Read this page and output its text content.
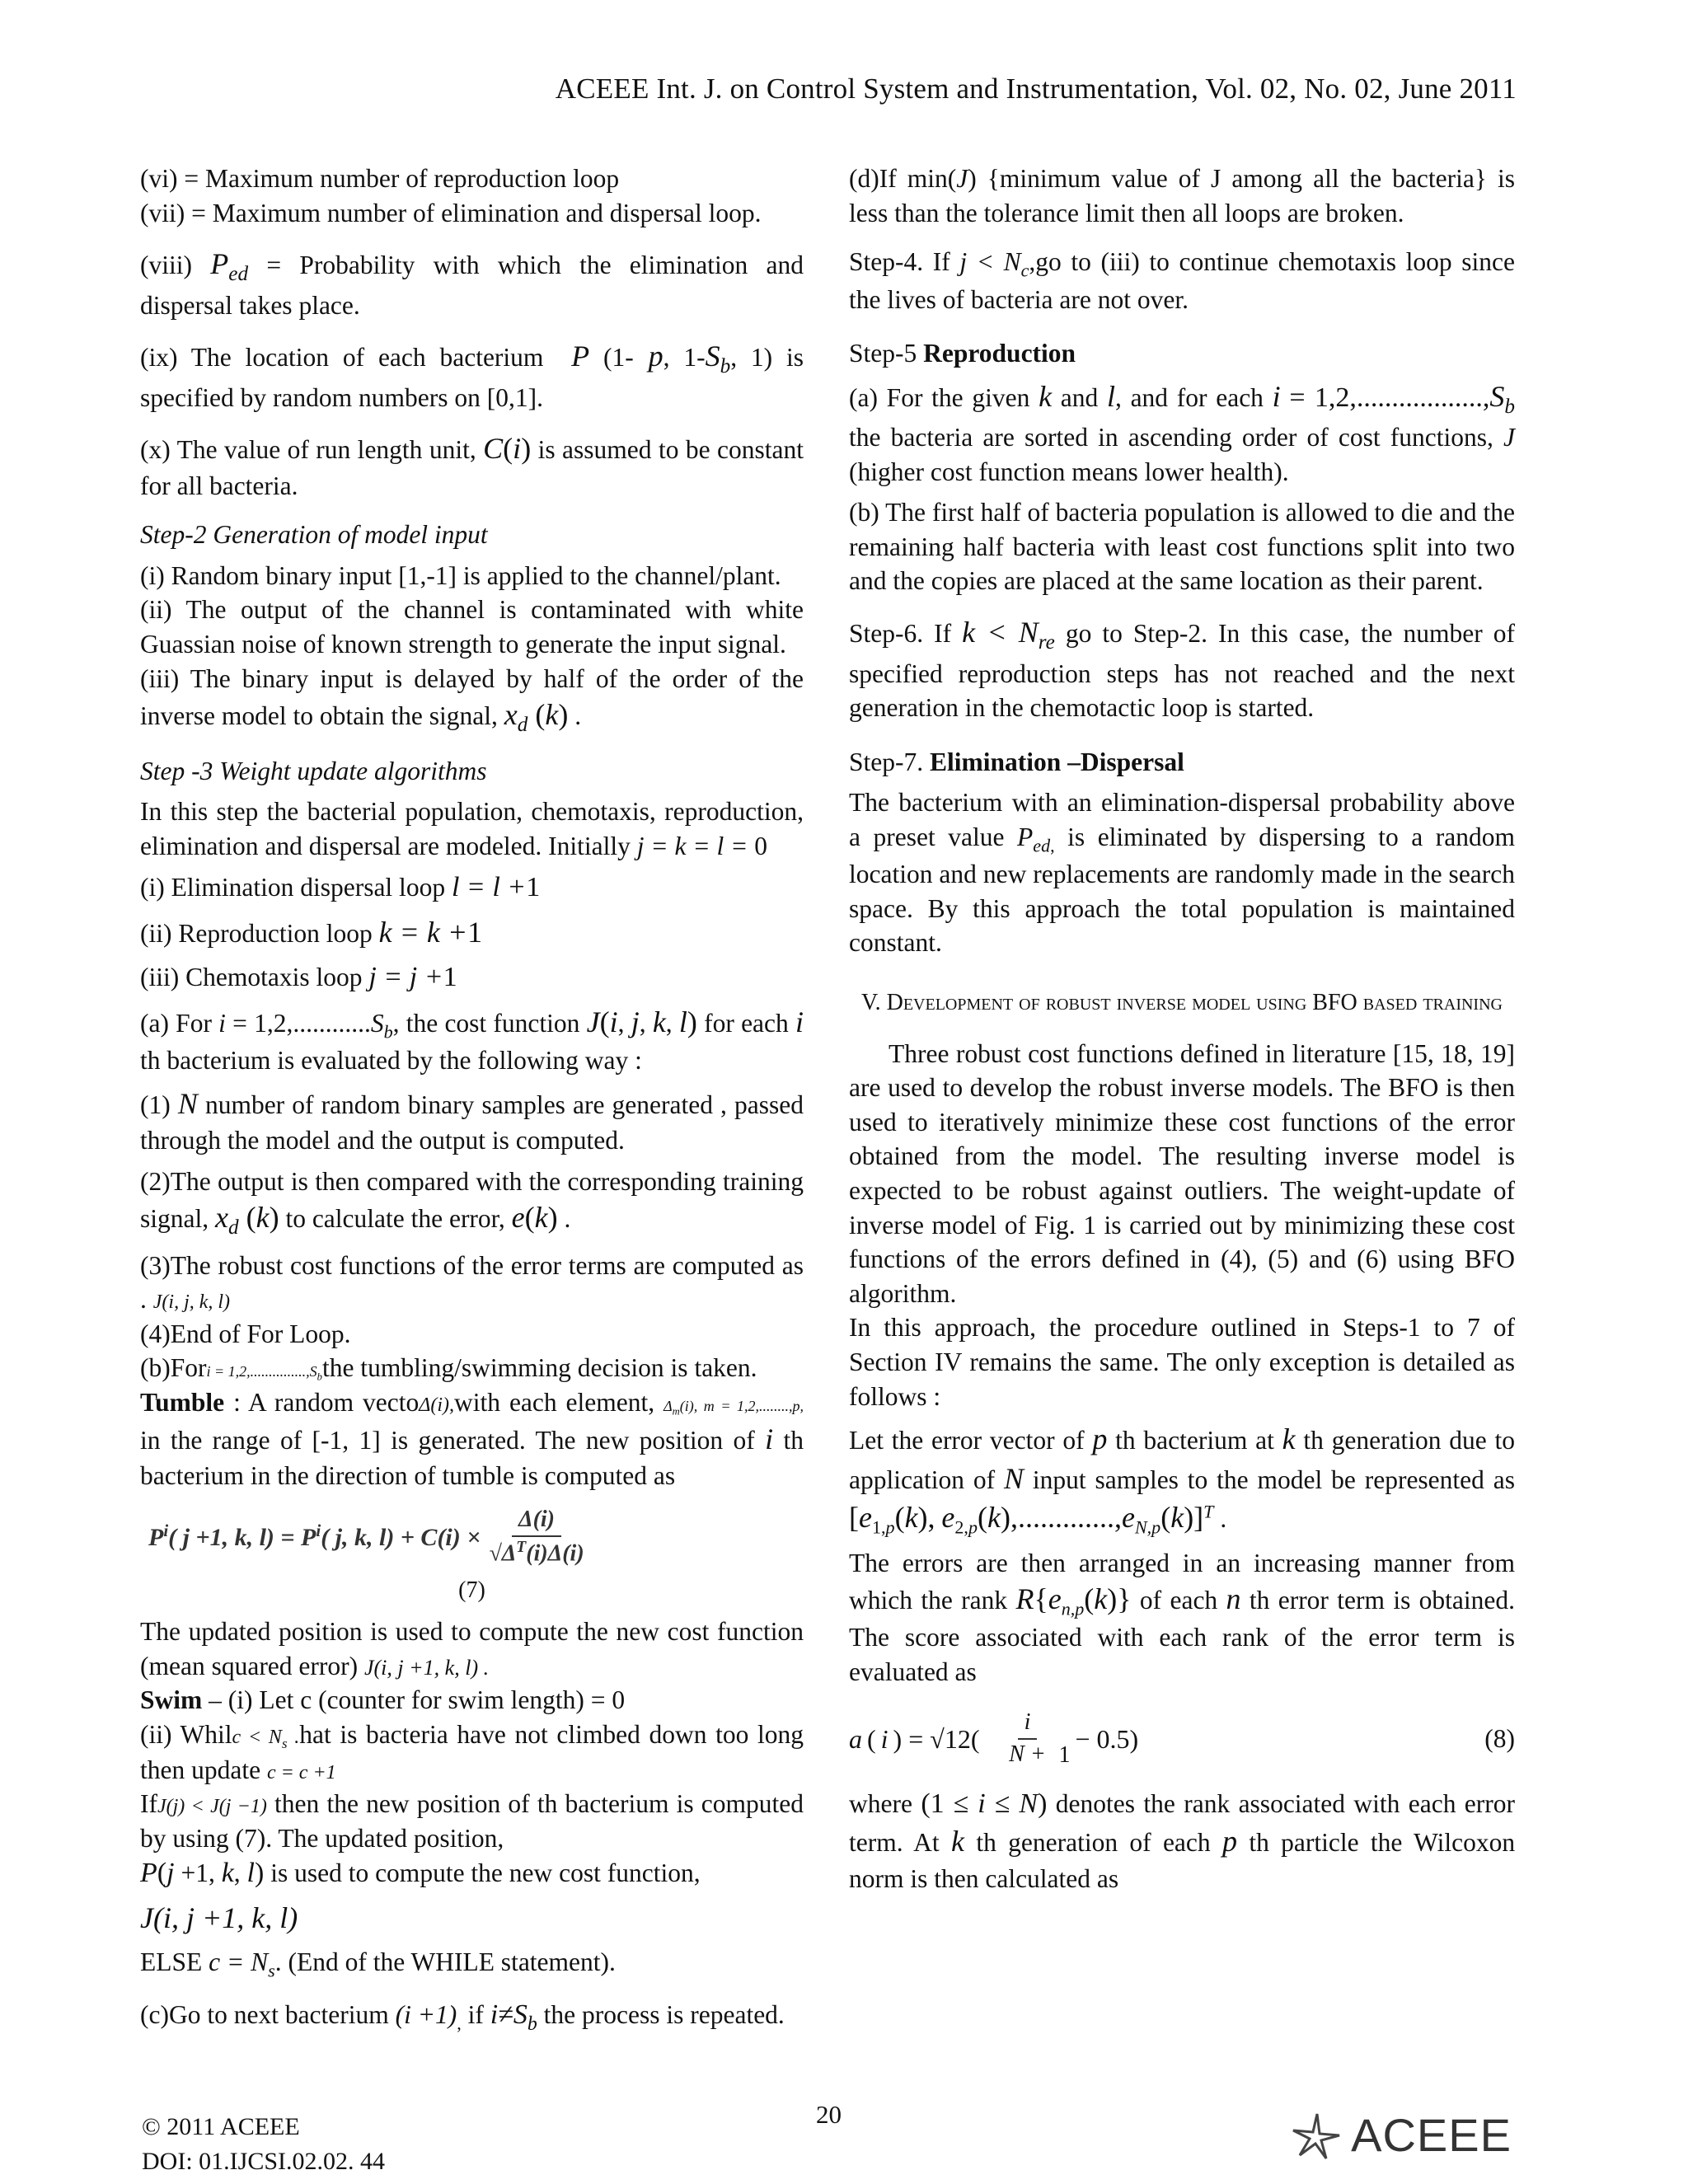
ACEEE Int. J. on Control System and Instrumentation, Vol. 02, No. 02, June 2011

(vi) = Maximum number of reproduction loop

(vii) = Maximum number of elimination and dispersal loop.

(viii) $P_{ed}$ = Probability with which the elimination and dispersal takes place.

(ix) The location of each bacterium P (1- p, $1-S_b$, 1) is specified by random numbers on [0,1].

(x) The value of run length unit, C(i) is assumed to be constant for all bacteria.

Step-2 Generation of model input

(i) Random binary input [1,-1] is applied to the channel/plant.

(ii) The output of the channel is contaminated with white Guassian noise of known strength to generate the input signal.

(iii) The binary input is delayed by half of the order of the inverse model to obtain the signal, $x_d$ (k) .

Step -3 Weight update algorithms

In this step the bacterial population, chemotaxis, reproduction, elimination and dispersal are modeled. Initially j = k = l = 0

(i) Elimination dispersal loop l = l +1

(ii) Reproduction loop k = k +1

(iii) Chemotaxis loop j = j +1

(a) For $i = 1,2,............S_b$, the cost function J(i, j, k, l) for each i th bacterium is evaluated by the following way :

(1) N number of random binary samples are generated , passed through the model and the output is computed.

(2)The output is then compared with the corresponding training signal, $x_d$ (k) to calculate the error, e(k) .

(3)The robust cost functions of the error terms are computed as . J(i, j, k, l)

(4)End of For Loop.

(b)Fori = $1,2,...............,S_bthe$ tumbling/swimming decision is taken.

Tumble : A random vectoΔ(i),with each element, $\Delta_m(i)$, m = 1,2,........,p, in the range of [-1, 1] is generated. The new position of i th bacterium in the direction of tumble is computed as

$P^i$( j +1, k, $l) = P^i$( j, k, $l) + C(i) \times \frac{\Delta(i)}{√\Delta^T(i)\Delta(i)}$

(7)

The updated position is used to compute the new cost function (mean squared error) J(i, j +1, k, l) .

Swim – (i) Let c (counter for swim length) = 0

(ii) Whilc < $N_s$ .hat is bacteria have not climbed down too long then update c = c +1

IfJ(j) < J(j −1) then the new position of th bacterium is computed by using (7). The updated position,

P(j +1, k, l) is used to compute the new cost function,

J(i, j +1, k, l)

ELSE $c = N_s$. (End of the WHILE statement).

(c)Go to next bacterium $(i +1)_,$ if $i\ne S_b$ the process is repeated.

(d)If min(J) {minimum value of J among all the bacteria} is less than the tolerance limit then all loops are broken.

Step-4. If $j < N_c,go$ to (iii) to continue chemotaxis loop since the lives of bacteria are not over.

Step-5 Reproduction

(a) For the given k and l, and for each $i = 1,2,..................,S_b$ the bacteria are sorted in ascending order of cost functions, J (higher cost function means lower health).

(b) The first half of bacteria population is allowed to die and the remaining half bacteria with least cost functions split into two and the copies are placed at the same location as their parent.

Step-6. If $k < N_{re}$ go to Step-2. In this case, the number of specified reproduction steps has not reached and the next generation in the chemotactic loop is started.

Step-7. Elimination –Dispersal

The bacterium with an elimination-dispersal probability above a preset value $P_{ed,}$ is eliminated by dispersing to a random location and new replacements are randomly made in the search space. By this approach the total population is maintained constant.

V. Development of robust inverse model using BFO based training

Three robust cost functions defined in literature [15, 18, 19] are used to develop the robust inverse models. The BFO is then used to iteratively minimize these cost functions of the error obtained from the model. The resulting inverse model is expected to be robust against outliers. The weight-update of inverse model of Fig. 1 is carried out by minimizing these cost functions of the errors defined in (4), (5) and (6) using BFO algorithm.

In this approach, the procedure outlined in Steps-1 to 7 of Section IV remains the same. The only exception is detailed as follows :

Let the error vector of p th bacterium at k th generation due to application of N input samples to the model be represented as [$e_{1,p}(k)$, $e_{2,p}(k),.............,e_{N,p}(k)]^T$ .

The errors are then arranged in an increasing manner from which the rank $R\{e_{n,p}(k)\}$ of each n th error term is obtained. The score associated with each rank of the error term is evaluated as

a ( i ) = √12(
i
N + 1
− 0.5)	(8)

where (1 ≤ i ≤ N) denotes the rank associated with each error term. At k th generation of each p th particle the Wilcoxon norm is then calculated as

20
© 2011 ACEEE
DOI: 01.IJCSI.02.02. 44
ACEEE
